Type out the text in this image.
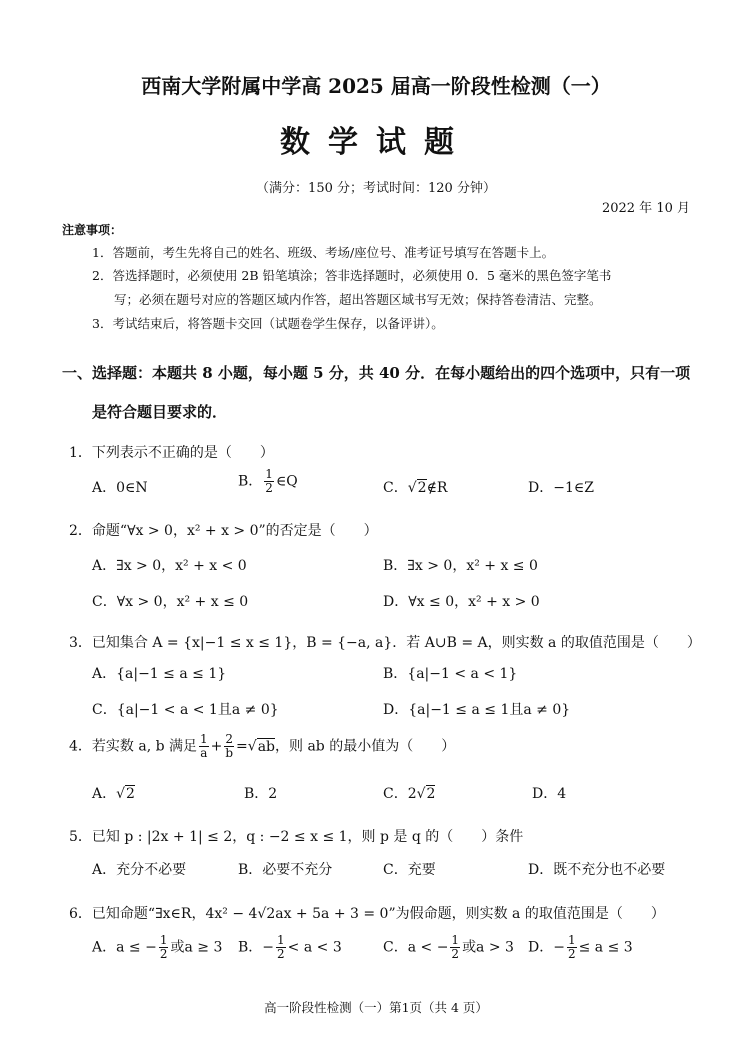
西南大学附属中学高 2025 届高一阶段性检测（一）
数学试题
（满分：150 分；考试时间：120 分钟）
2022 年 10 月
注意事项：
1．答题前，考生先将自己的姓名、班级、考场/座位号、准考证号填写在答题卡上。
2．答选择题时，必须使用 2B 铅笔填涂；答非选择题时，必须使用 0．5 毫米的黑色签字笔书
写；必须在题号对应的答题区域内作答，超出答题区域书写无效；保持答卷清洁、完整。
3．考试结束后，将答题卡交回（试题卷学生保存，以备评讲）。
一、选择题：本题共 8 小题，每小题 5 分，共 40 分．在每小题给出的四个选项中，只有一项
是符合题目要求的．
1．下列表示不正确的是（　　）
A．0∈N	B． $\frac{1}{2}$ ∈Q	C．√2∉R	D．−1∈Z
2．命题“∀x > 0，x² + x > 0”的否定是（　　）
A．∃x > 0，x² + x < 0	B．∃x > 0，x² + x ≤ 0
C．∀x > 0，x² + x ≤ 0	D．∀x ≤ 0，x² + x > 0
3．已知集合 A = {x|−1 ≤ x ≤ 1}，B = {−a, a}．若 A∪B = A，则实数 a 的取值范围是（　　）
A．{a|−1 ≤ a ≤ 1}	B．{a|−1 < a < 1}
C．{a|−1 < a < 1且a ≠ 0}	D．{a|−1 ≤ a ≤ 1且a ≠ 0}
4．若实数 a, b 满足 $\frac{1}{a} + \frac{2}{b} =√ab$，则 ab 的最小值为（　　）
A．√2	B．2	C．2√2	D．4
5．已知 p : |2x + 1| ≤ 2，q : −2 ≤ x ≤ 1，则 p 是 q 的（　　）条件
A．充分不必要	B．必要不充分	C．充要	D．既不充分也不必要
6．已知命题“∃x∈R，4x² − 4√2ax + 5a + 3 = 0”为假命题，则实数 a 的取值范围是（　　）
A．a ≤ − $\frac{1}{2}$ 或a ≥ 3 B．− $\frac{1}{2} < a < 3$	C．a < − $\frac{1}{2}$ 或a > 3 D．− $\frac{1}{2} \le a \le 3$
高一阶段性检测（一）第1页（共 4 页）
